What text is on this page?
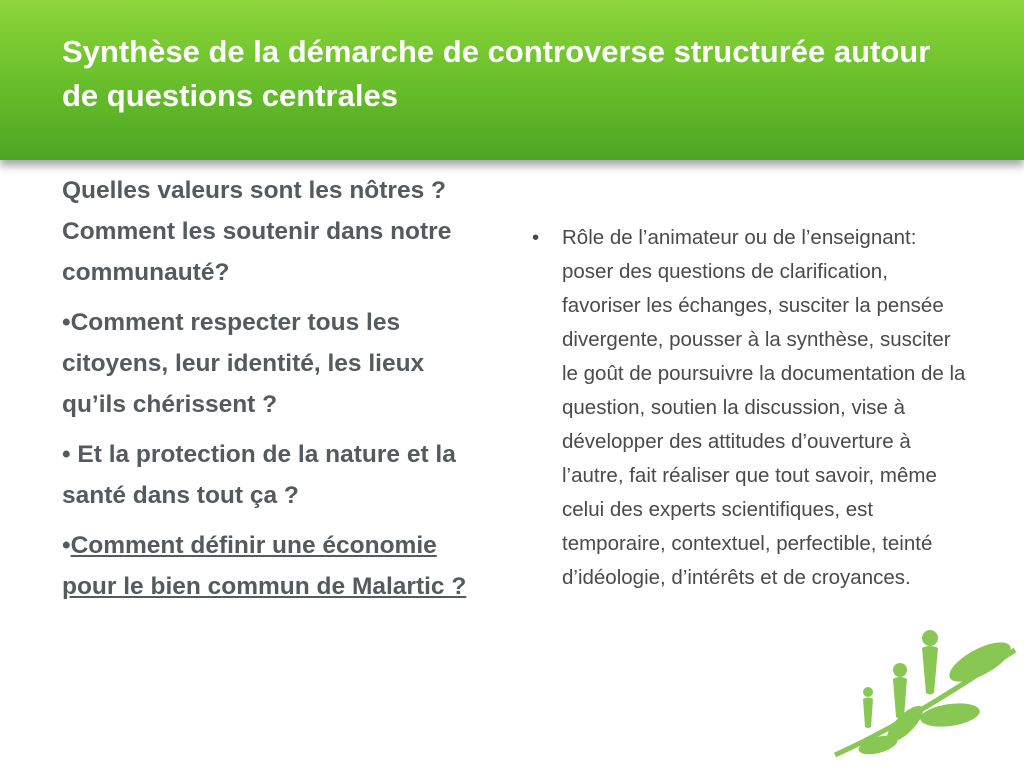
Synthèse de la démarche de controverse structurée autour de questions centrales

Quelles valeurs sont les nôtres ? Comment les soutenir dans notre communauté?

•Comment respecter tous les citoyens, leur identité, les lieux qu’ils chérissent ?

• Et la protection de la nature et la santé dans tout ça ?

•Comment définir une économie pour le bien commun de Malartic ?

•	Rôle de l’animateur ou de l’enseignant: poser des questions de clarification, favoriser les échanges, susciter la pensée divergente, pousser à la synthèse, susciter le goût de poursuivre la documentation de la question, soutien la discussion, vise à développer des attitudes d’ouverture à l’autre, fait réaliser que tout savoir, même celui des experts scientifiques, est temporaire, contextuel, perfectible, teinté d’idéologie, d’intérêts et de croyances.
